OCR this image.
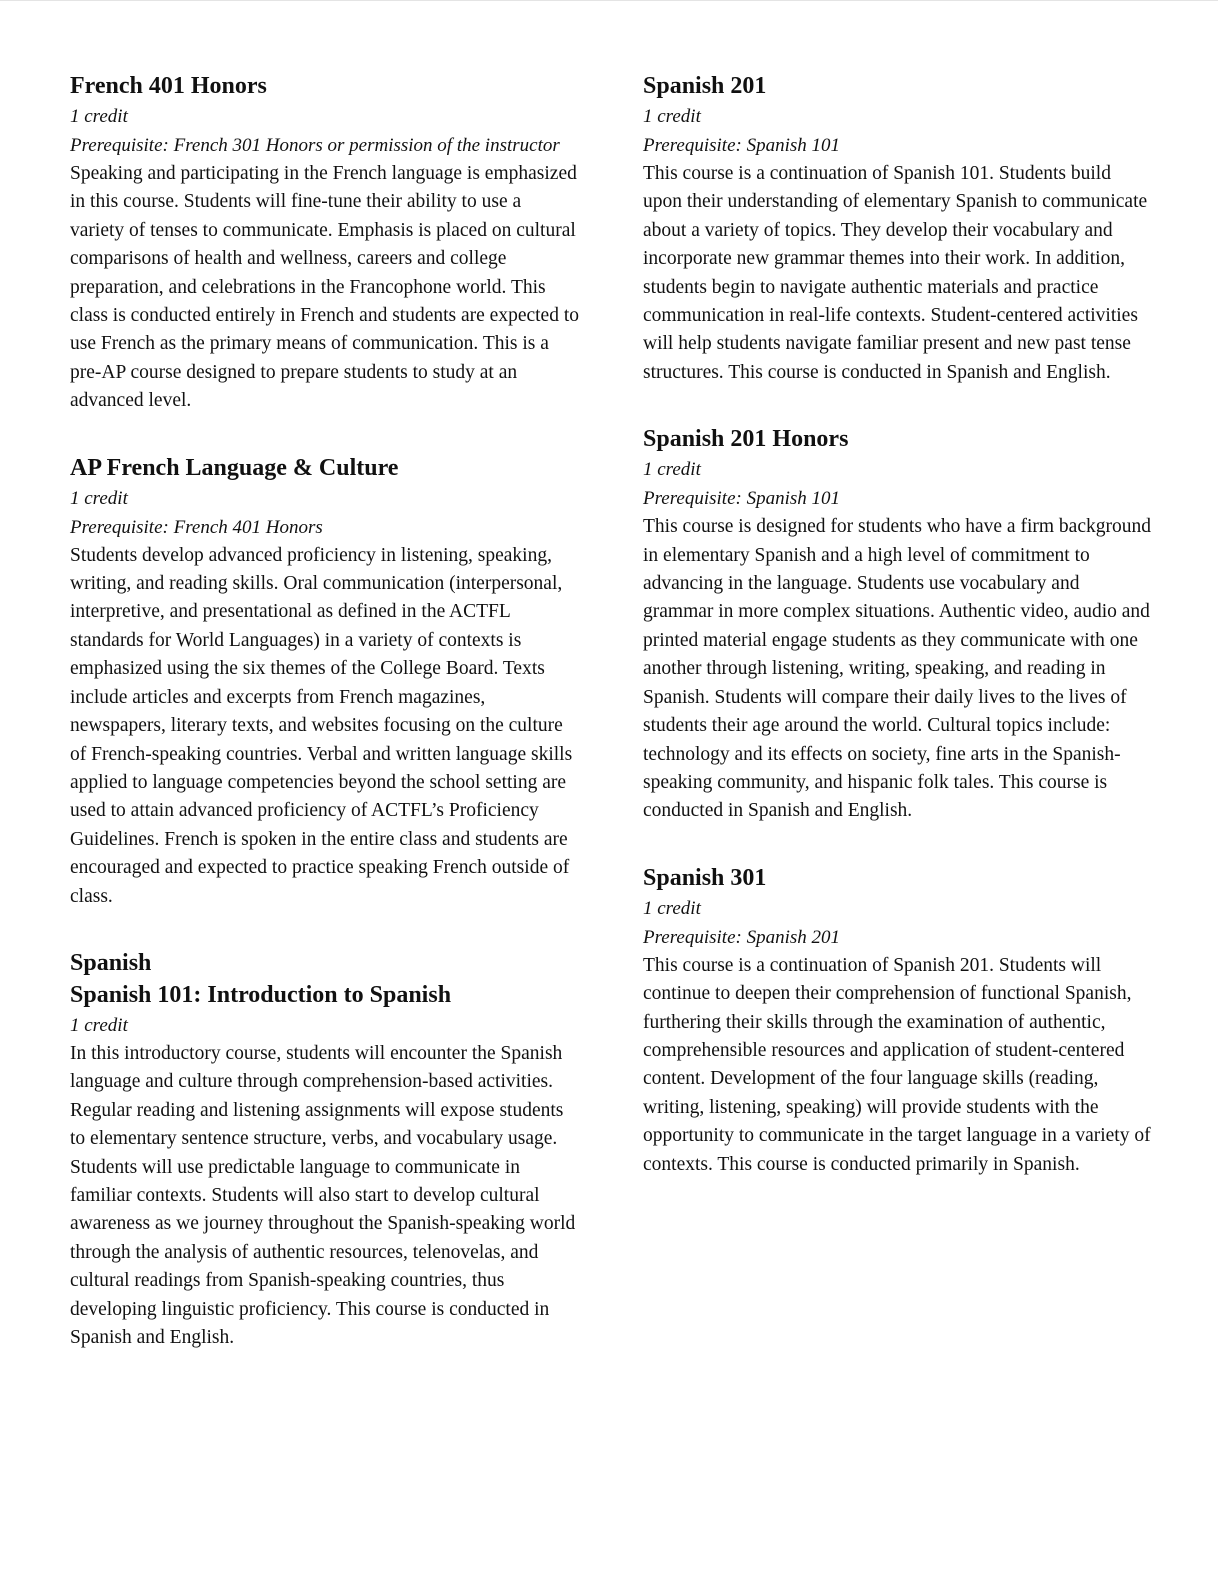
French 401 Honors

1 credit

Prerequisite: French 301 Honors or permission of the instructor

Speaking and participating in the French language is emphasized in this course. Students will fine-tune their ability to use a variety of tenses to communicate. Emphasis is placed on cultural comparisons of health and wellness, careers and college preparation, and celebrations in the Francophone world. This class is conducted entirely in French and students are expected to use French as the primary means of communication. This is a pre-AP course designed to prepare students to study at an advanced level.

AP French Language & Culture

1 credit

Prerequisite: French 401 Honors

Students develop advanced proficiency in listening, speaking, writing, and reading skills. Oral communication (interpersonal, interpretive, and presentational as defined in the ACTFL standards for World Languages) in a variety of contexts is emphasized using the six themes of the College Board. Texts include articles and excerpts from French magazines, newspapers, literary texts, and websites focusing on the culture of French-speaking countries. Verbal and written language skills applied to language competencies beyond the school setting are used to attain advanced proficiency of ACTFL’s Proficiency Guidelines. French is spoken in the entire class and students are encouraged and expected to practice speaking French outside of class.

Spanish
Spanish 101: Introduction to Spanish

1 credit

In this introductory course, students will encounter the Spanish language and culture through comprehension-based activities. Regular reading and listening assignments will expose students to elementary sentence structure, verbs, and vocabulary usage. Students will use predictable language to communicate in familiar contexts. Students will also start to develop cultural awareness as we journey throughout the Spanish-speaking world through the analysis of authentic resources, telenovelas, and cultural readings from Spanish-speaking countries, thus developing linguistic proficiency. This course is conducted in Spanish and English.

Spanish 201

1 credit

Prerequisite: Spanish 101

This course is a continuation of Spanish 101. Students build upon their understanding of elementary Spanish to communicate about a variety of topics. They develop their vocabulary and incorporate new grammar themes into their work. In addition, students begin to navigate authentic materials and practice communication in real-life contexts. Student-centered activities will help students navigate familiar present and new past tense structures. This course is conducted in Spanish and English.

Spanish 201 Honors

1 credit

Prerequisite: Spanish 101

This course is designed for students who have a firm background in elementary Spanish and a high level of commitment to advancing in the language. Students use vocabulary and grammar in more complex situations. Authentic video, audio and printed material engage students as they communicate with one another through listening, writing, speaking, and reading in Spanish. Students will compare their daily lives to the lives of students their age around the world. Cultural topics include: technology and its effects on society, fine arts in the Spanish-speaking community, and hispanic folk tales. This course is conducted in Spanish and English.

Spanish 301

1 credit

Prerequisite: Spanish 201

This course is a continuation of Spanish 201. Students will continue to deepen their comprehension of functional Spanish, furthering their skills through the examination of authentic, comprehensible resources and application of student-centered content. Development of the four language skills (reading, writing, listening, speaking) will provide students with the opportunity to communicate in the target language in a variety of contexts. This course is conducted primarily in Spanish.
